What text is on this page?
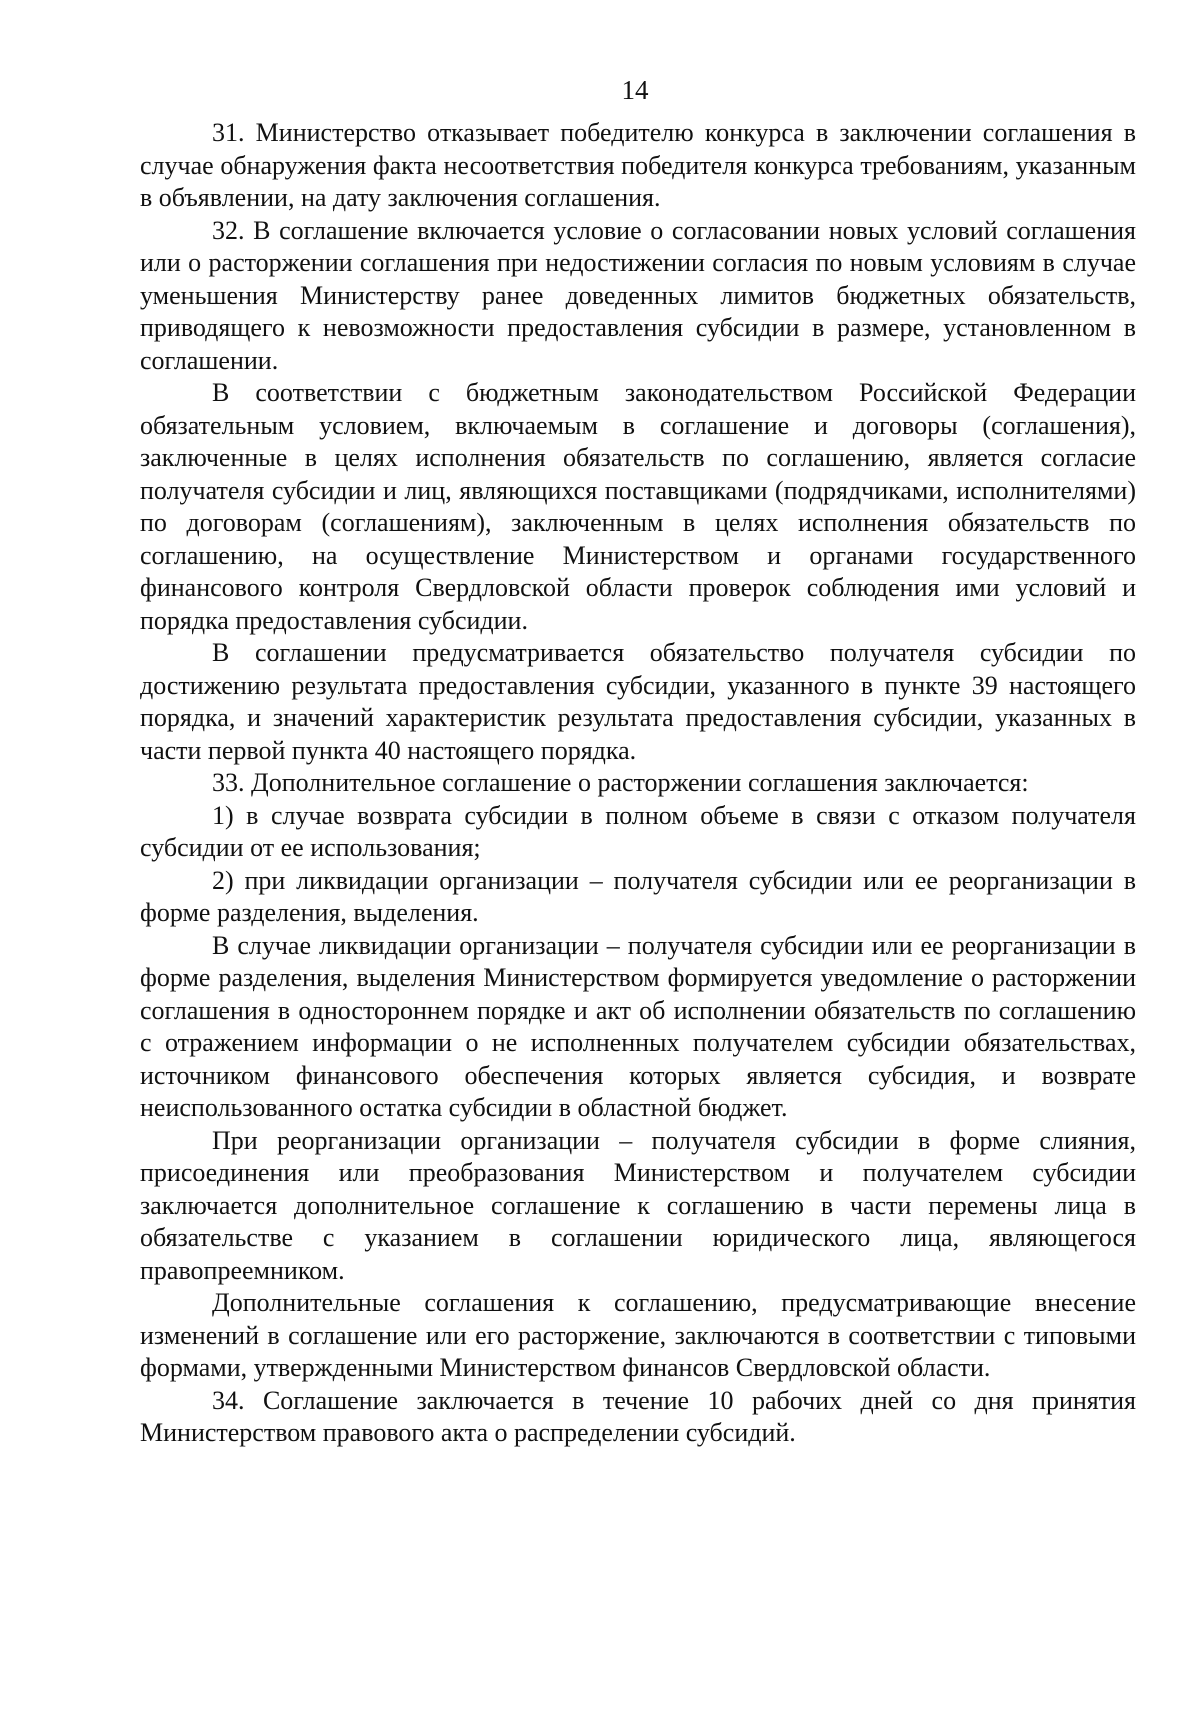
14

31. Министерство отказывает победителю конкурса в заключении соглашения в случае обнаружения факта несоответствия победителя конкурса требованиям, указанным в объявлении, на дату заключения соглашения.

32. В соглашение включается условие о согласовании новых условий соглашения или о расторжении соглашения при недостижении согласия по новым условиям в случае уменьшения Министерству ранее доведенных лимитов бюджетных обязательств, приводящего к невозможности предоставления субсидии в размере, установленном в соглашении.

В соответствии с бюджетным законодательством Российской Федерации обязательным условием, включаемым в соглашение и договоры (соглашения), заключенные в целях исполнения обязательств по соглашению, является согласие получателя субсидии и лиц, являющихся поставщиками (подрядчиками, исполнителями) по договорам (соглашениям), заключенным в целях исполнения обязательств по соглашению, на осуществление Министерством и органами государственного финансового контроля Свердловской области проверок соблюдения ими условий и порядка предоставления субсидии.

В соглашении предусматривается обязательство получателя субсидии по достижению результата предоставления субсидии, указанного в пункте 39 настоящего порядка, и значений характеристик результата предоставления субсидии, указанных в части первой пункта 40 настоящего порядка.

33. Дополнительное соглашение о расторжении соглашения заключается:

1) в случае возврата субсидии в полном объеме в связи с отказом получателя субсидии от ее использования;

2) при ликвидации организации – получателя субсидии или ее реорганизации в форме разделения, выделения.

В случае ликвидации организации – получателя субсидии или ее реорганизации в форме разделения, выделения Министерством формируется уведомление о расторжении соглашения в одностороннем порядке и акт об исполнении обязательств по соглашению с отражением информации о не исполненных получателем субсидии обязательствах, источником финансового обеспечения которых является субсидия, и возврате неиспользованного остатка субсидии в областной бюджет.

При реорганизации организации – получателя субсидии в форме слияния, присоединения или преобразования Министерством и получателем субсидии заключается дополнительное соглашение к соглашению в части перемены лица в обязательстве с указанием в соглашении юридического лица, являющегося правопреемником.

Дополнительные соглашения к соглашению, предусматривающие внесение изменений в соглашение или его расторжение, заключаются в соответствии с типовыми формами, утвержденными Министерством финансов Свердловской области.

34. Соглашение заключается в течение 10 рабочих дней со дня принятия Министерством правового акта о распределении субсидий.
